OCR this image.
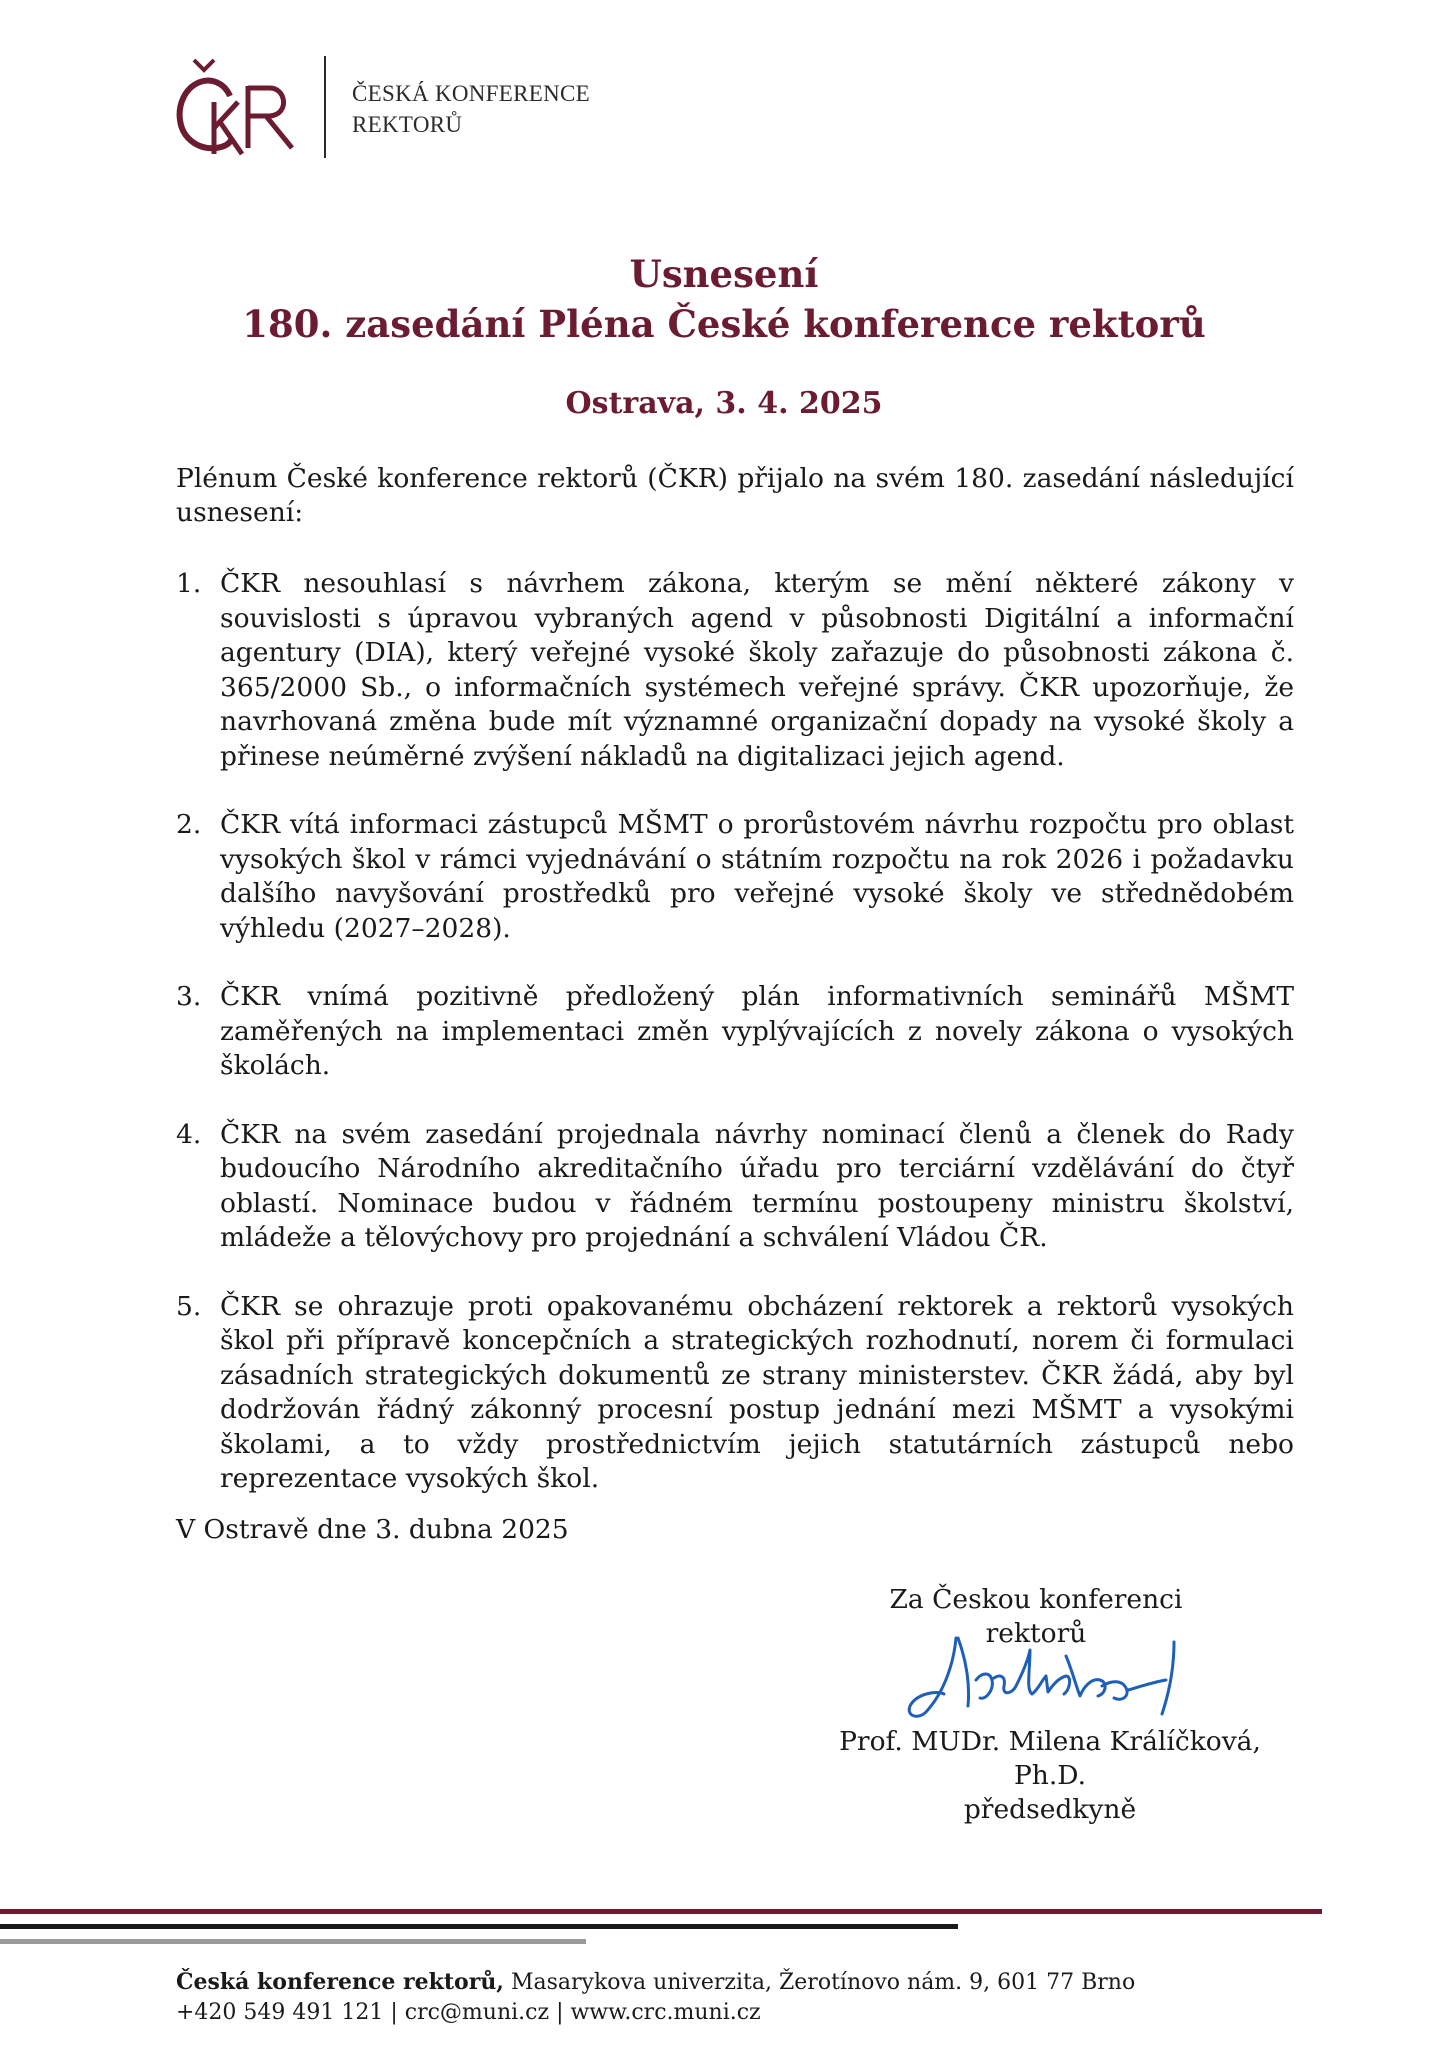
ČESKÁ KONFERENCE
REKTORŮ
Usnesení
180. zasedání Pléna České konference rektorů
Ostrava, 3. 4. 2025
Plénum České konference rektorů (ČKR) přijalo na svém 180. zasedání následující usnesení:
1. ČKR nesouhlasí s návrhem zákona, kterým se mění některé zákony v souvislosti s úpravou vybraných agend v působnosti Digitální a informační agentury (DIA), který veřejné vysoké školy zařazuje do působnosti zákona č. 365/2000 Sb., o informačních systémech veřejné správy. ČKR upozorňuje, že navrhovaná změna bude mít významné organizační dopady na vysoké školy a přinese neúměrné zvýšení nákladů na digitalizaci jejich agend.
2. ČKR vítá informaci zástupců MŠMT o prorůstovém návrhu rozpočtu pro oblast vysokých škol v rámci vyjednávání o státním rozpočtu na rok 2026 i požadavku dalšího navyšování prostředků pro veřejné vysoké školy ve střednědobém výhledu (2027–2028).
3. ČKR vnímá pozitivně předložený plán informativních seminářů MŠMT zaměřených na implementaci změn vyplývajících z novely zákona o vysokých školách.
4. ČKR na svém zasedání projednala návrhy nominací členů a členek do Rady budoucího Národního akreditačního úřadu pro terciární vzdělávání do čtyř oblastí. Nominace budou v řádném termínu postoupeny ministru školství, mládeže a tělovýchovy pro projednání a schválení Vládou ČR.
5. ČKR se ohrazuje proti opakovanému obcházení rektorek a rektorů vysokých škol při přípravě koncepčních a strategických rozhodnutí, norem či formulaci zásadních strategických dokumentů ze strany ministerstev. ČKR žádá, aby byl dodržován řádný zákonný procesní postup jednání mezi MŠMT a vysokými školami, a to vždy prostřednictvím jejich statutárních zástupců nebo reprezentace vysokých škol.
V Ostravě dne 3. dubna 2025
Za Českou konferenci rektorů
Prof. MUDr. Milena Králíčková, Ph.D.
předsedkyně
Česká konference rektorů, Masarykova univerzita, Žerotínovo nám. 9, 601 77 Brno
+420 549 491 121 | crc@muni.cz | www.crc.muni.cz
